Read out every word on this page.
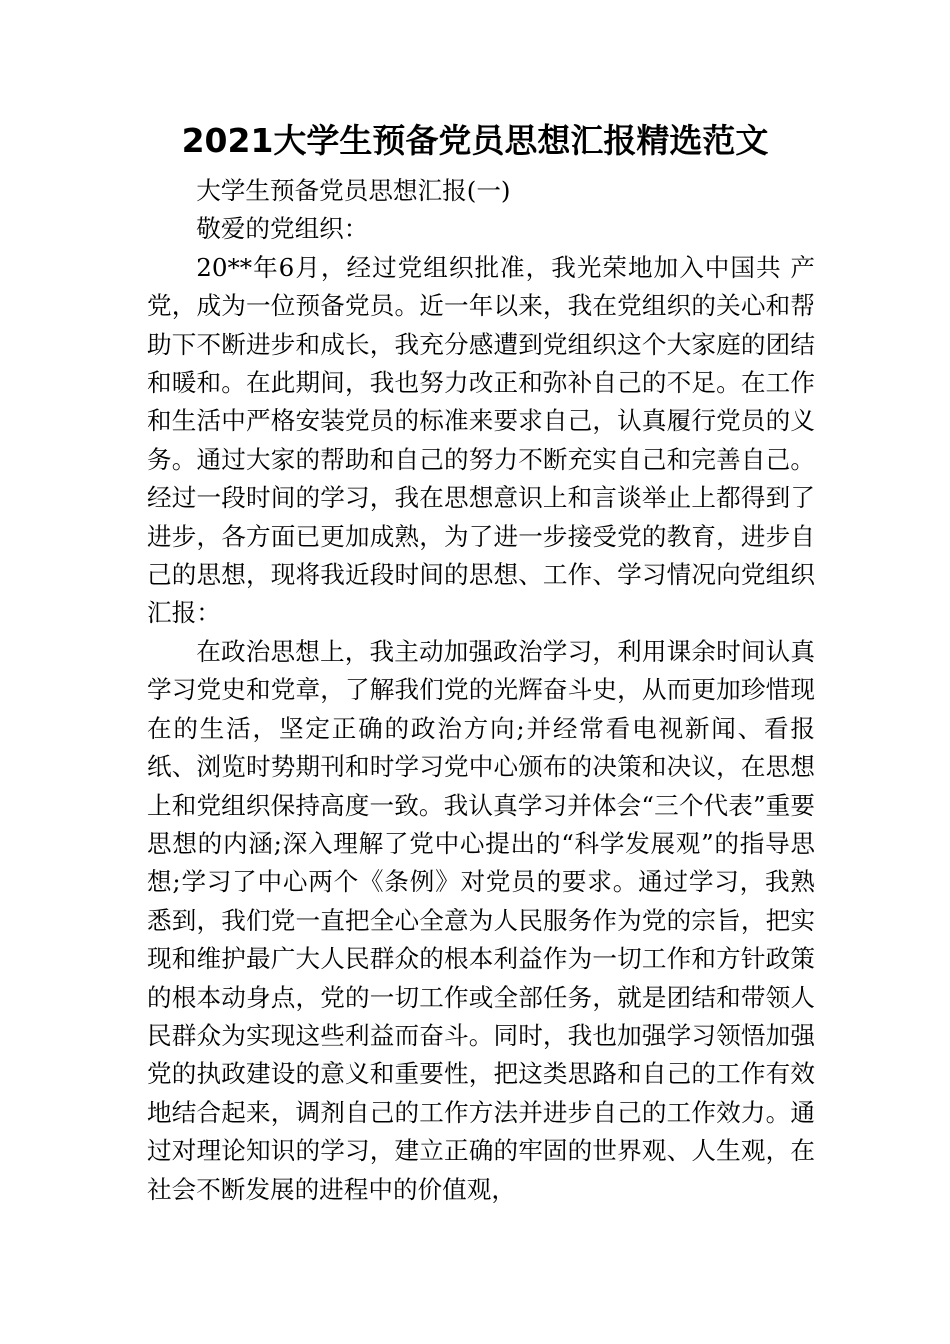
2021大学生预备党员思想汇报精选范文

大学生预备党员思想汇报(一)

敬爱的党组织：

20**年6月，经过党组织批准，我光荣地加入中国共 产党，成为一位预备党员。近一年以来，我在党组织的关心和帮助下不断进步和成长，我充分感遭到党组织这个大家庭的团结和暖和。在此期间，我也努力改正和弥补自己的不足。在工作和生活中严格安装党员的标准来要求自己，认真履行党员的义务。通过大家的帮助和自己的努力不断充实自己和完善自己。经过一段时间的学习，我在思想意识上和言谈举止上都得到了进步，各方面已更加成熟，为了进一步接受党的教育，进步自己的思想，现将我近段时间的思想、工作、学习情况向党组织汇报：

在政治思想上，我主动加强政治学习，利用课余时间认真学习党史和党章，了解我们党的光辉奋斗史，从而更加珍惜现在的生活，坚定正确的政治方向;并经常看电视新闻、看报纸、浏览时势期刊和时学习党中心颁布的决策和决议，在思想上和党组织保持高度一致。我认真学习并体会“三个代表”重要思想的内涵;深入理解了党中心提出的“科学发展观”的指导思想;学习了中心两个《条例》对党员的要求。通过学习，我熟悉到，我们党一直把全心全意为人民服务作为党的宗旨，把实现和维护最广大人民群众的根本利益作为一切工作和方针政策的根本动身点，党的一切工作或全部任务，就是团结和带领人民群众为实现这些利益而奋斗。同时，我也加强学习领悟加强党的执政建设的意义和重要性，把这类思路和自己的工作有效地结合起来，调剂自己的工作方法并进步自己的工作效力。通过对理论知识的学习，建立正确的牢固的世界观、人生观，在社会不断发展的进程中的价值观，
